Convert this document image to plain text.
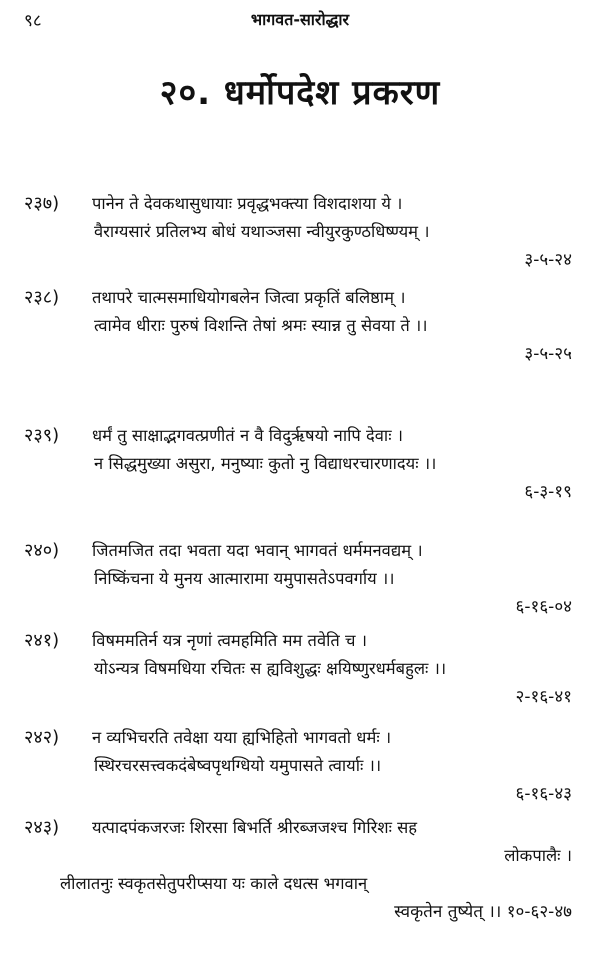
९८	भागवत-सारोद्धार
२०. धर्मोपदेश प्रकरण
२३७) पानेन ते देवकथासुधायाः प्रवृद्धभक्त्या विशदाशया ये ।
वैराग्यसारं प्रतिलभ्य बोधं यथाञ्जसा न्वीयुरकुण्ठधिष्ण्यम् ।
३-५-२४
२३८) तथापरे चात्मसमाधियोगबलेन जित्वा प्रकृतिं बलिष्ठाम् ।
त्वामेव धीराः पुरुषं विशन्ति तेषां श्रमः स्यान्न तु सेवया ते ।।
३-५-२५
२३९) धर्मं तु साक्षाद्भगवत्प्रणीतं न वै विदुर्ऋषयो नापि देवाः ।
न सिद्धमुख्या असुरा, मनुष्याः कुतो नु विद्याधरचारणादयः ।।
६-३-१९
२४०) जितमजित तदा भवता यदा भवान् भागवतं धर्ममनवद्यम् ।
निष्किंचना ये मुनय आत्मारामा यमुपासतेऽपवर्गाय ।।
६-१६-०४
२४१) विषममतिर्न यत्र नृणां त्वमहमिति मम तवेति च ।
योऽन्यत्र विषमधिया रचितः स ह्यविशुद्धः क्षयिष्णुरधर्मबहुलः ।।
२-१६-४१
२४२) न व्यभिचरति तवेक्षा यया ह्यभिहितो भागवतो धर्मः ।
स्थिरचरसत्त्वकदंबेष्वपृथग्धियो यमुपासते त्वार्याः ।।
६-१६-४३
२४३) यत्पादपंकजरजः शिरसा बिभर्ति श्रीरब्जजश्च गिरिशः सह
लोकपालैः ।
लीलातनुः स्वकृतसेतुपरीप्सया यः काले दधत्स भगवान्
स्वकृतेन तुष्येत् ।। १०-६२-४७
